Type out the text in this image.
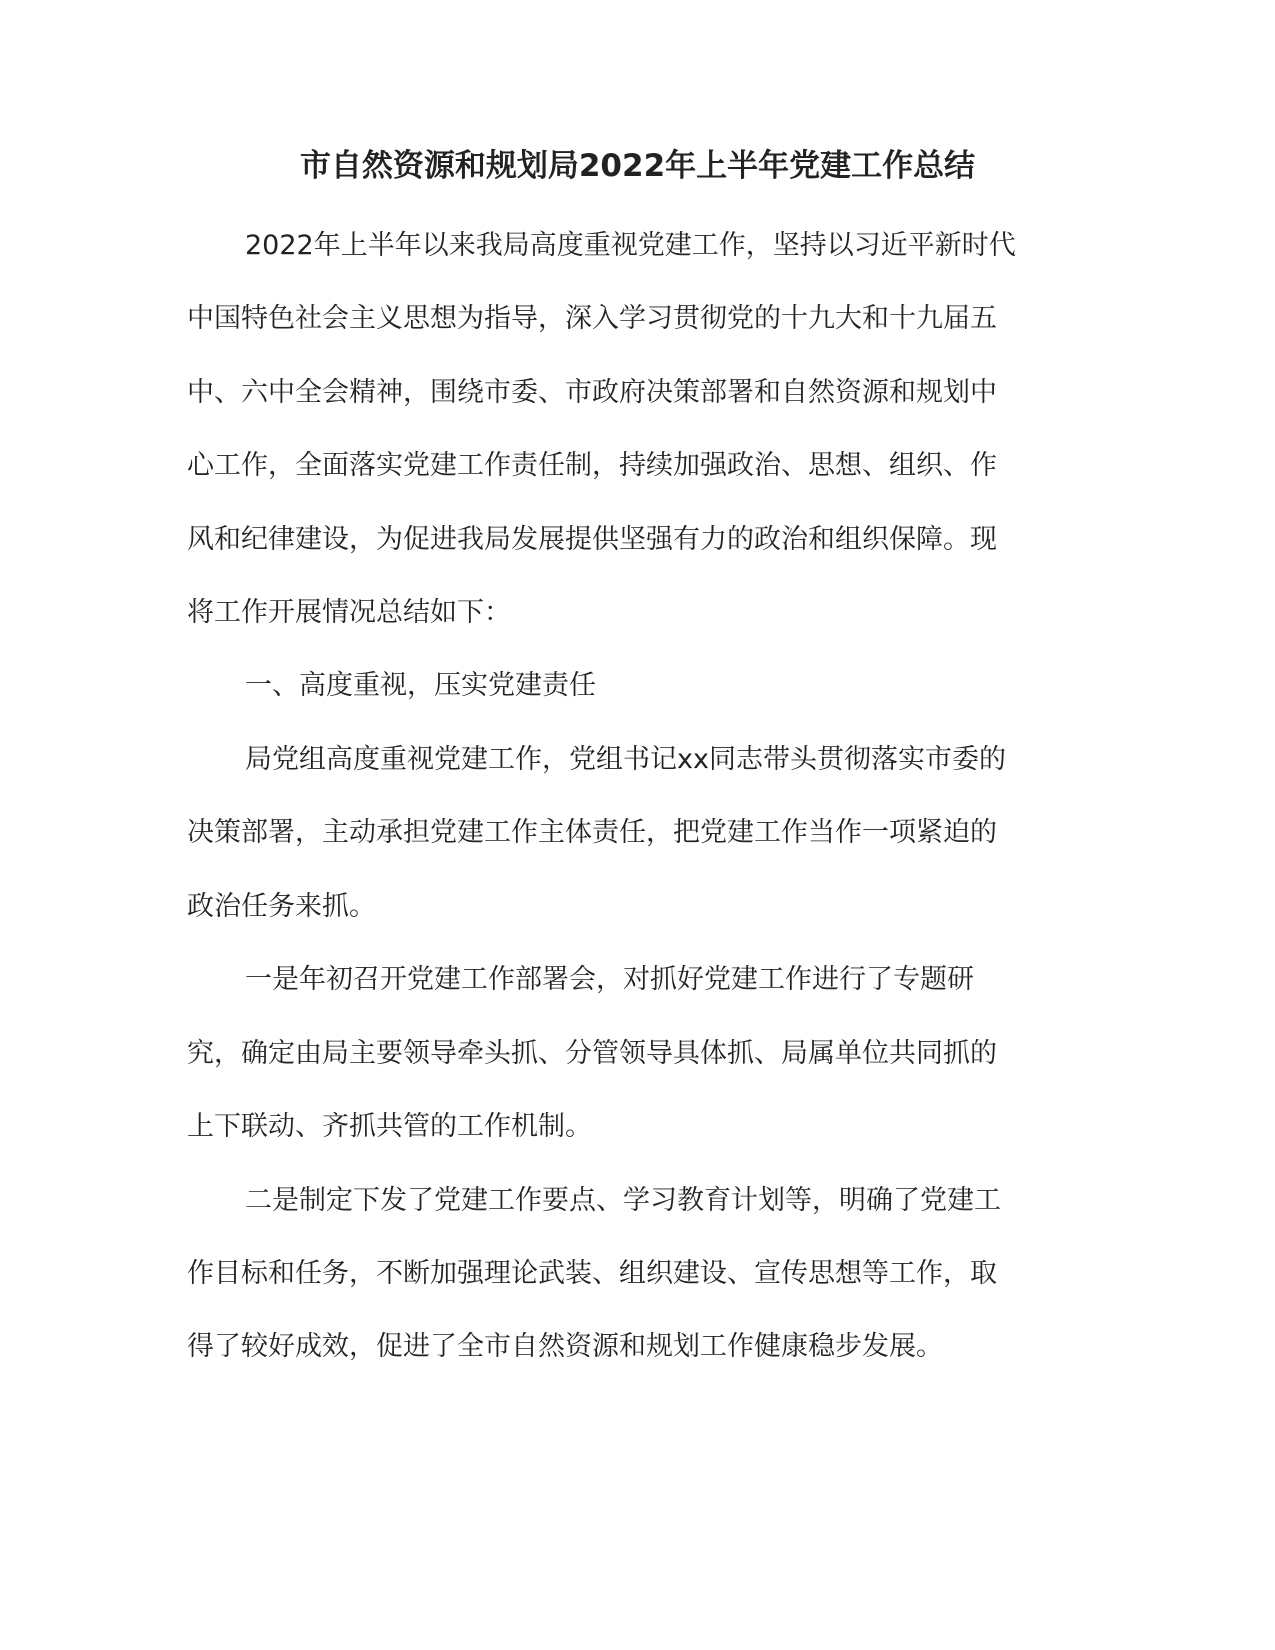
市自然资源和规划局2022年上半年党建工作总结
2022年上半年以来我局高度重视党建工作，坚持以习近平新时代
中国特色社会主义思想为指导，深入学习贯彻党的十九大和十九届五
中、六中全会精神，围绕市委、市政府决策部署和自然资源和规划中
心工作，全面落实党建工作责任制，持续加强政治、思想、组织、作
风和纪律建设，为促进我局发展提供坚强有力的政治和组织保障。现
将工作开展情况总结如下：
一、高度重视，压实党建责任
局党组高度重视党建工作，党组书记xx同志带头贯彻落实市委的
决策部署，主动承担党建工作主体责任，把党建工作当作一项紧迫的
政治任务来抓。
一是年初召开党建工作部署会，对抓好党建工作进行了专题研
究，确定由局主要领导牵头抓、分管领导具体抓、局属单位共同抓的
上下联动、齐抓共管的工作机制。
二是制定下发了党建工作要点、学习教育计划等，明确了党建工
作目标和任务，不断加强理论武装、组织建设、宣传思想等工作，取
得了较好成效，促进了全市自然资源和规划工作健康稳步发展。
